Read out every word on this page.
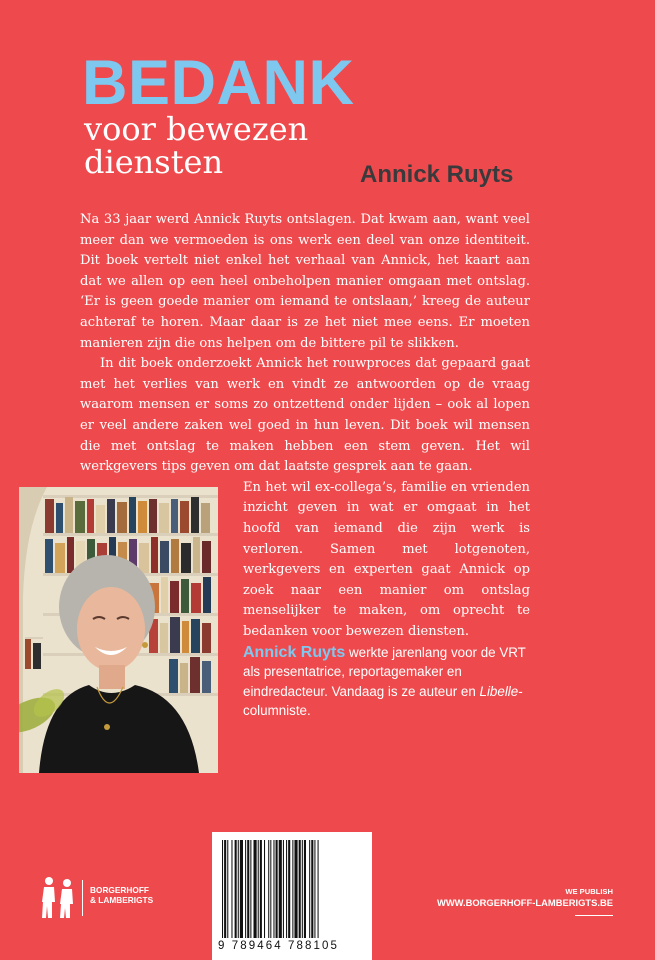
BEDANK
voor bewezen diensten	Annick Ruyts

Na 33 jaar werd Annick Ruyts ontslagen. Dat kwam aan, want veel meer dan we vermoeden is ons werk een deel van onze identiteit. Dit boek vertelt niet enkel het verhaal van Annick, het kaart aan dat we allen op een heel onbeholpen manier omgaan met ontslag. ‘Er is geen goede manier om iemand te ontslaan,’ kreeg de auteur achteraf te horen. Maar daar is ze het niet mee eens. Er moeten manieren zijn die ons helpen om de bittere pil te slikken.

In dit boek onderzoekt Annick het rouwproces dat gepaard gaat met het verlies van werk en vindt ze antwoorden op de vraag waarom mensen er soms zo ontzettend onder lijden – ook al lopen er veel andere zaken wel goed in hun leven. Dit boek wil mensen die met ontslag te maken hebben een stem geven. Het wil werkgevers tips geven om dat laatste gesprek aan te gaan.

En het wil ex-collega’s, familie en vrienden inzicht geven in wat er omgaat in het hoofd van iemand die zijn werk is verloren. Samen met lotgenoten, werkgevers en experten gaat Annick op zoek naar een manier om ontslag menselijker te maken, om oprecht te bedanken voor bewezen diensten.

Annick Ruyts werkte jarenlang voor de VRT als presentatrice, reportagemaker en eindredacteur. Vandaag is ze auteur en Libelle-columniste.
9 789464 788105
BORGERHOFF
& LAMBERIGTS
WE PUBLISH
WWW.BORGERHOFF-LAMBERIGTS.BE
